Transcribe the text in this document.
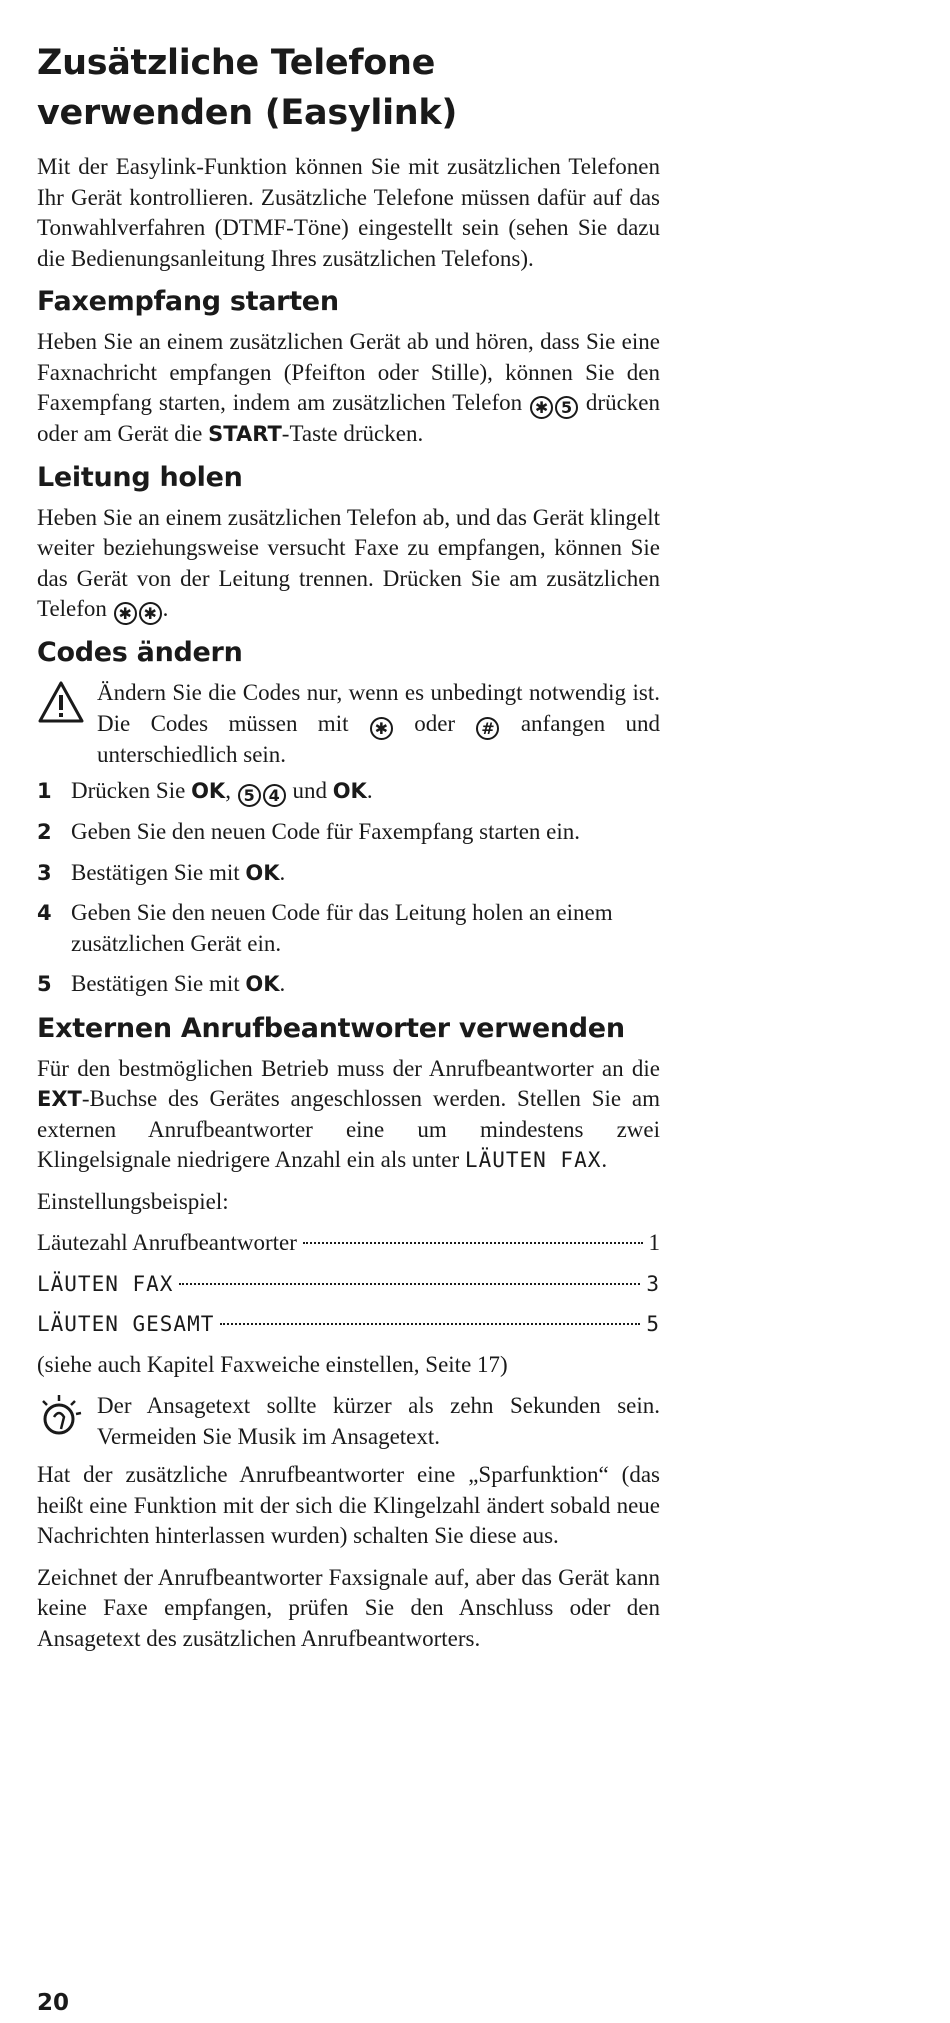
Zusätzliche Telefone verwenden (Easylink)

Mit der Easylink-Funktion können Sie mit zusätzlichen Telefonen Ihr Gerät kontrollieren. Zusätzliche Telefone müssen dafür auf das Tonwahlverfahren (DTMF-Töne) eingestellt sein (sehen Sie dazu die Bedienungsanleitung Ihres zusätzlichen Telefons).

Faxempfang starten

Heben Sie an einem zusätzlichen Gerät ab und hören, dass Sie eine Faxnachricht empfangen (Pfeifton oder Stille), können Sie den Faxempfang starten, indem am zusätzlichen Telefon ✱ 5 drücken oder am Gerät die START-Taste drücken.

Leitung holen

Heben Sie an einem zusätzlichen Telefon ab, und das Gerät klingelt weiter beziehungsweise versucht Faxe zu empfangen, können Sie das Gerät von der Leitung trennen. Drücken Sie am zusätzlichen Telefon ✱ ✱ .

Codes ändern

Ändern Sie die Codes nur, wenn es unbedingt notwendig ist. Die Codes müssen mit ✱ oder # anfangen und unterschiedlich sein.

1 Drücken Sie OK, 5 4 und OK.
2 Geben Sie den neuen Code für Faxempfang starten ein.
3 Bestätigen Sie mit OK.
4 Geben Sie den neuen Code für das Leitung holen an einem zusätzlichen Gerät ein.
5 Bestätigen Sie mit OK.
Externen Anrufbeantworter verwenden

Für den bestmöglichen Betrieb muss der Anrufbeantworter an die EXT-Buchse des Gerätes angeschlossen werden. Stellen Sie am externen Anrufbeantworter eine um mindestens zwei Klingelsignale niedrigere Anzahl ein als unter LÄUTEN FAX.

Einstellungsbeispiel:

Läutezahl Anrufbeantworter	1
LÄUTEN FAX	3
LÄUTEN GESAMT	5

(siehe auch Kapitel Faxweiche einstellen, Seite 17)

Der Ansagetext sollte kürzer als zehn Sekunden sein. Vermeiden Sie Musik im Ansagetext.

Hat der zusätzliche Anrufbeantworter eine „Sparfunktion“ (das heißt eine Funktion mit der sich die Klingelzahl ändert sobald neue Nachrichten hinterlassen wurden) schalten Sie diese aus.

Zeichnet der Anrufbeantworter Faxsignale auf, aber das Gerät kann keine Faxe empfangen, prüfen Sie den Anschluss oder den Ansagetext des zusätzlichen Anrufbeantworters.

20
